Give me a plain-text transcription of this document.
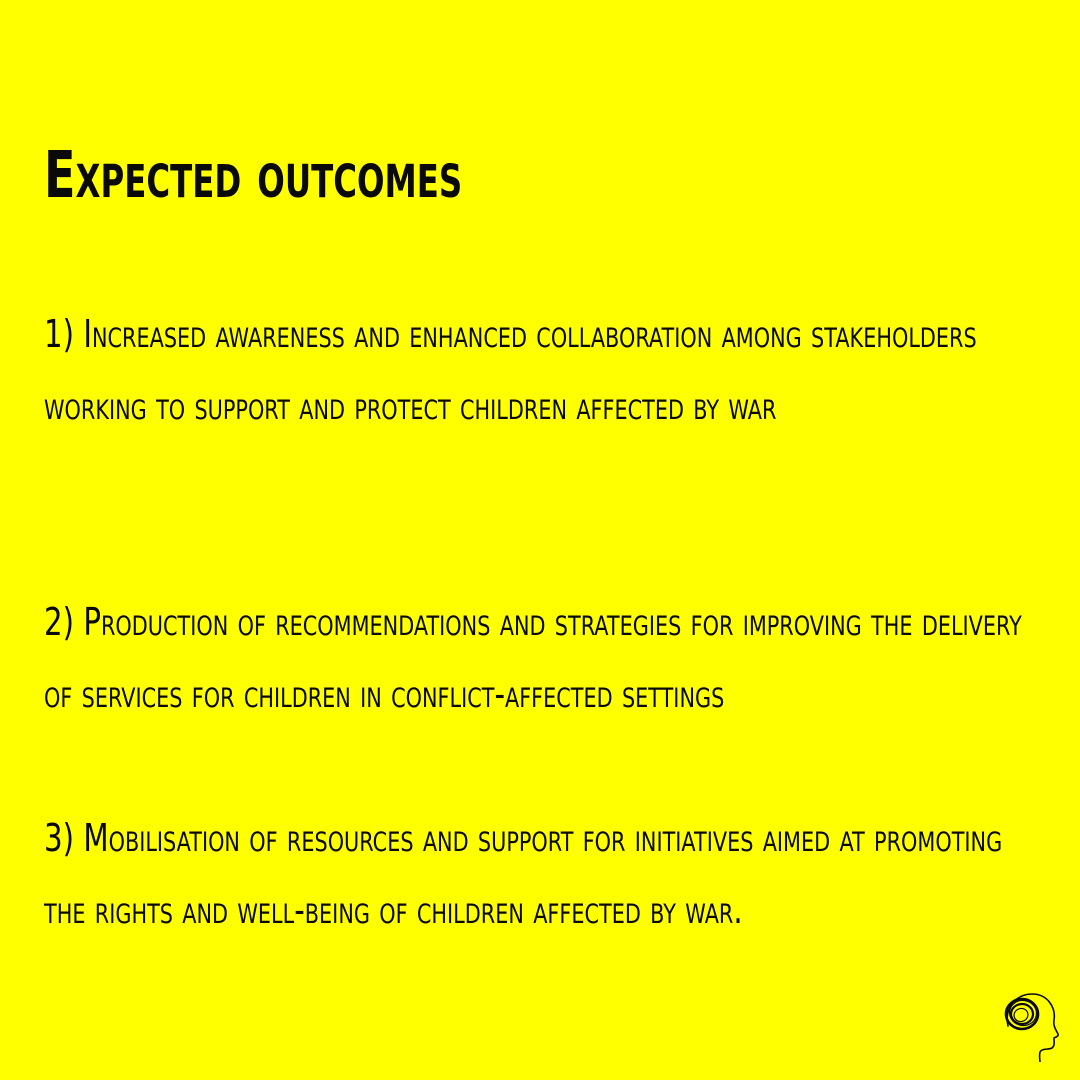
Expected outcomes

1) Increased awareness and enhanced collaboration among stakeholders working to support and protect children affected by war

2) Production of recommendations and strategies for improving the delivery of services for children in conflict-affected settings

3) Mobilisation of resources and support for initiatives aimed at promoting the rights and well-being of children affected by war.
